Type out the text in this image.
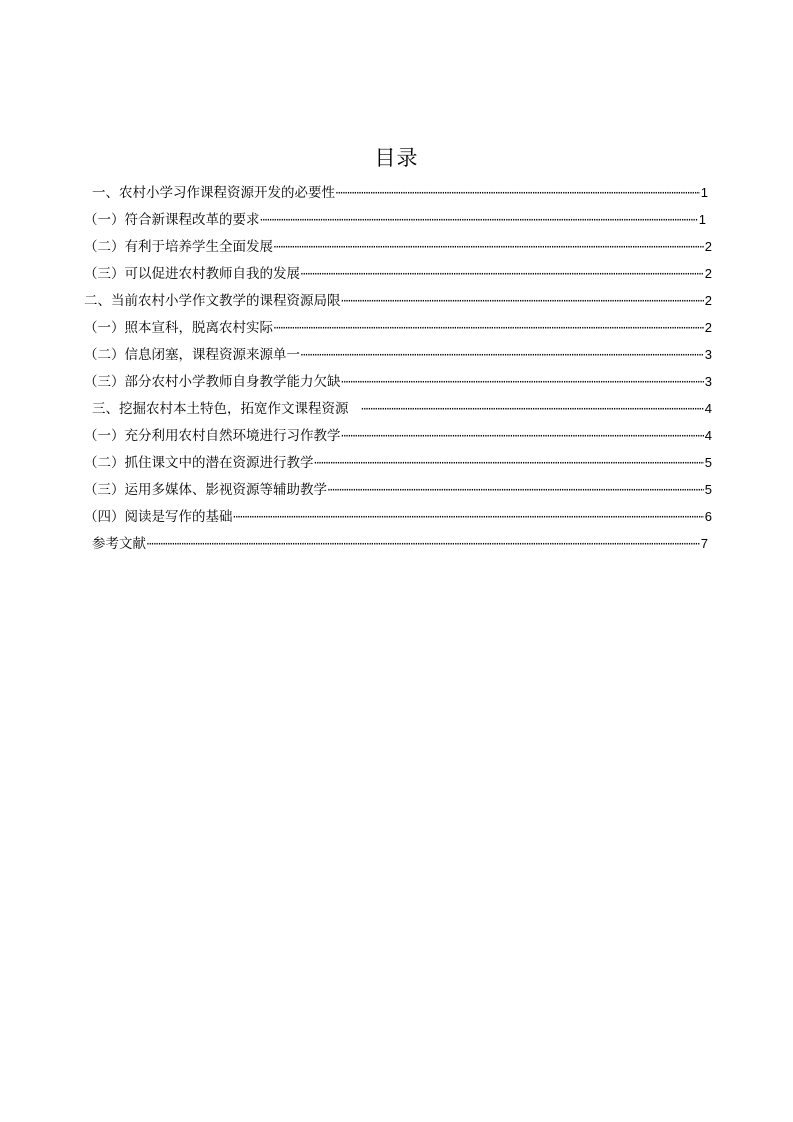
目录
一、农村小学习作课程资源开发的必要性 ·····	1
（一）符合新课程改革的要求 ·····	1
（二）有利于培养学生全面发展 ·····	2
（三）可以促进农村教师自我的发展 ·····	2
二、当前农村小学作文教学的课程资源局限 ·····	2
（一）照本宣科，脱离农村实际 ·····	2
（二）信息闭塞，课程资源来源单一 ·····	3
（三）部分农村小学教师自身教学能力欠缺 ·····	3
三、挖掘农村本土特色，拓宽作文课程资源 ·····	4
（一）充分利用农村自然环境进行习作教学 ·····	4
（二）抓住课文中的潜在资源进行教学 ·····	5
（三）运用多媒体、影视资源等辅助教学 ·····	5
（四）阅读是写作的基础 ·····	6
参考文献 ·····	7
